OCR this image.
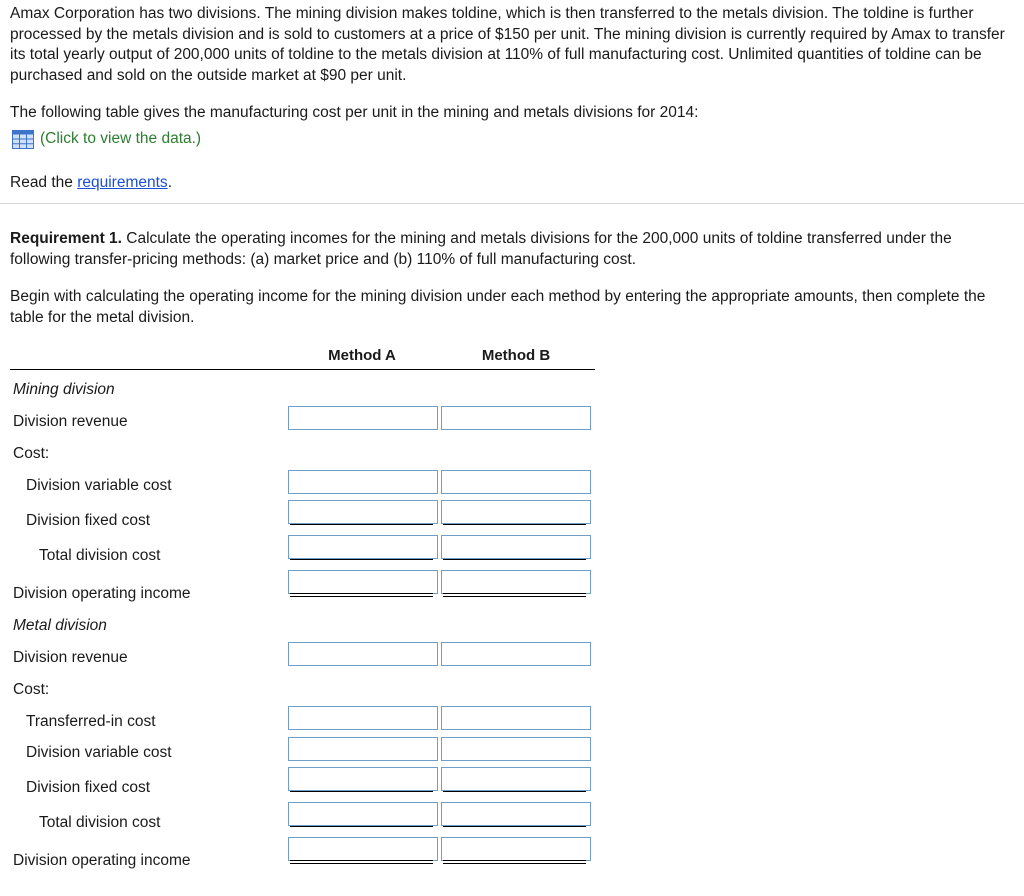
Amax Corporation has two divisions. The mining division makes toldine, which is then transferred to the metals division. The toldine is further processed by the metals division and is sold to customers at a price of $150 per unit. The mining division is currently required by Amax to transfer its total yearly output of 200,000 units of toldine to the metals division at 110% of full manufacturing cost. Unlimited quantities of toldine can be purchased and sold on the outside market at $90 per unit.
The following table gives the manufacturing cost per unit in the mining and metals divisions for 2014:
(Click to view the data.)
Read the requirements.
Requirement 1. Calculate the operating incomes for the mining and metals divisions for the 200,000 units of toldine transferred under the following transfer-pricing methods: (a) market price and (b) 110% of full manufacturing cost.
Begin with calculating the operating income for the mining division under each method by entering the appropriate amounts, then complete the table for the metal division.
Method A	Method B
Mining division
Division revenue
Cost:
Division variable cost
Division fixed cost
Total division cost
Division operating income
Metal division
Division revenue
Cost:
Transferred-in cost
Division variable cost
Division fixed cost
Total division cost
Division operating income
